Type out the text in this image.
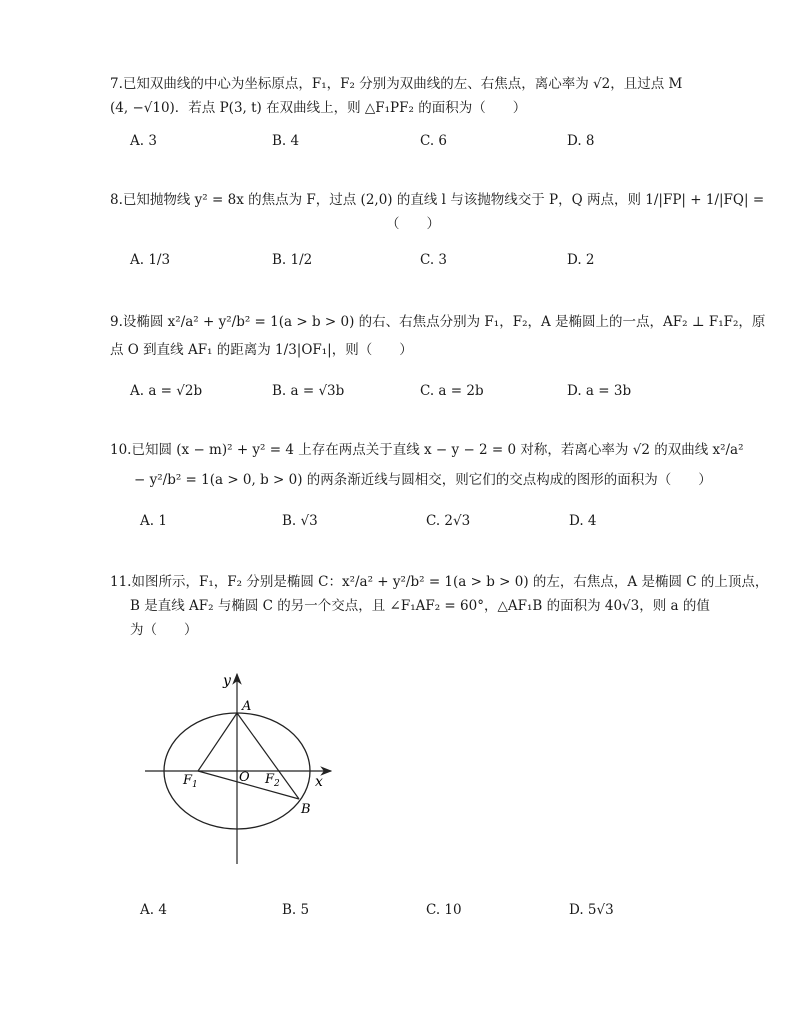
7.已知双曲线的中心为坐标原点，F₁，F₂ 分别为双曲线的左、右焦点，离心率为 √2，且过点 M
(4, −√10)．若点 P(3, t) 在双曲线上，则 △F₁PF₂ 的面积为（　　）
A. 3	B. 4	C. 6	D. 8
8.已知抛物线 y² = 8x 的焦点为 F，过点 (2,0) 的直线 l 与该抛物线交于 P，Q 两点，则 1/|FP| + 1/|FQ| =
（　　）
A. 1/3	B. 1/2	C. 3	D. 2
9.设椭圆 x²/a² + y²/b² = 1(a > b > 0) 的右、右焦点分别为 F₁，F₂，A 是椭圆上的一点，AF₂ ⊥ F₁F₂，原
点 O 到直线 AF₁ 的距离为 1/3|OF₁|，则（　　）
A. a = √2b	B. a = √3b	C. a = 2b	D. a = 3b
10.已知圆 (x − m)² + y² = 4 上存在两点关于直线 x − y − 2 = 0 对称，若离心率为 √2 的双曲线 x²/a²
− y²/b² = 1(a > 0, b > 0) 的两条渐近线与圆相交，则它们的交点构成的图形的面积为（　　）
A. 1	B. √3	C. 2√3	D. 4
11.如图所示，F₁，F₂ 分别是椭圆 C：x²/a² + y²/b² = 1(a > b > 0) 的左，右焦点，A 是椭圆 C 的上顶点，
B 是直线 AF₂ 与椭圆 C 的另一个交点，且 ∠F₁AF₂ = 60°，△AF₁B 的面积为 40√3，则 a 的值
为（　　）
y
x
A
O
$F_1$	$F_2$
B
A. 4	B. 5	C. 10	D. 5√3
